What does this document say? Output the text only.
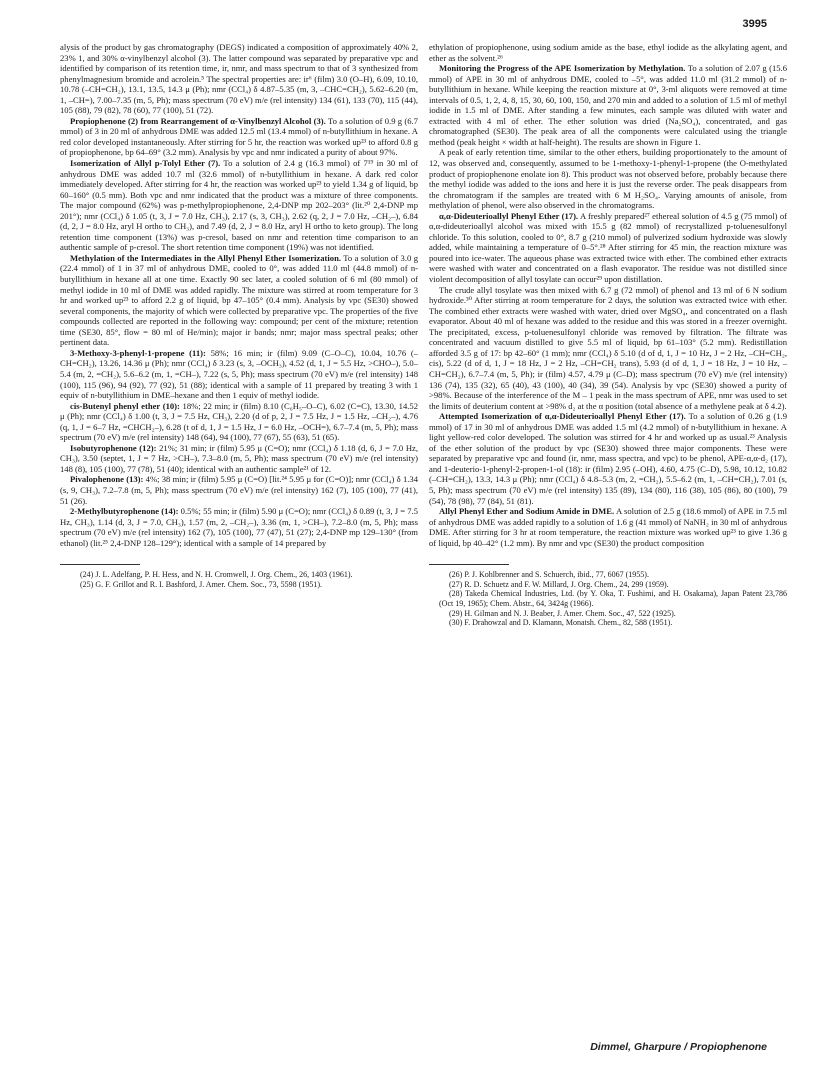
3995

alysis of the product by gas chromatography (DEGS) indicated a composition of approximately 40% 2, 23% 1, and 30% α-vinylbenzyl alcohol (3). The latter compound was separated by preparative vpc and identified by comparison of its retention time, ir, nmr, and mass spectrum to that of 3 synthesized from phenylmagnesium bromide and acrolein.⁵ The spectral properties are: ir⁶ (film) 3.0 (O–H), 6.09, 10.10, 10.78 (–CH=CH₂), 13.1, 13.5, 14.3 μ (Ph); nmr (CCl₄) δ 4.87–5.35 (m, 3, –CHC=CH₂), 5.62–6.20 (m, 1, –CH=), 7.00–7.35 (m, 5, Ph); mass spectrum (70 eV) m/e (rel intensity) 134 (61), 133 (70), 115 (44), 105 (88), 79 (82), 78 (60), 77 (100), 51 (72).

Propiophenone (2) from Rearrangement of α-Vinylbenzyl Alcohol (3). To a solution of 0.9 g (6.7 mmol) of 3 in 20 ml of anhydrous DME was added 12.5 ml (13.4 mmol) of n-butyllithium in hexane. A red color developed instantaneously. After stirring for 5 hr, the reaction was worked up²³ to afford 0.8 g of propiophenone, bp 64–69° (3.2 mm). Analysis by vpc and nmr indicated a purity of about 97%.

Isomerization of Allyl p-Tolyl Ether (7). To a solution of 2.4 g (16.3 mmol) of 7¹⁹ in 30 ml of anhydrous DME was added 10.7 ml (32.6 mmol) of n-butyllithium in hexane. A dark red color immediately developed. After stirring for 4 hr, the reaction was worked up²³ to yield 1.34 g of liquid, bp 60–160° (0.5 mm). Both vpc and nmr indicated that the product was a mixture of three components. The major compound (62%) was p-methylpropiophenone, 2,4-DNP mp 202–203° (lit.²⁰ 2,4-DNP mp 201°); nmr (CCl₄) δ 1.05 (t, 3, J = 7.0 Hz, CH₃), 2.17 (s, 3, CH₃), 2.62 (q, 2, J = 7.0 Hz, –CH₂–), 6.84 (d, 2, J = 8.0 Hz, aryl H ortho to CH₃), and 7.49 (d, 2, J = 8.0 Hz, aryl H ortho to keto group). The long retention time component (13%) was p-cresol, based on nmr and retention time comparison to an authentic sample of p-cresol. The short retention time component (19%) was not identified.

Methylation of the Intermediates in the Allyl Phenyl Ether Isomerization. To a solution of 3.0 g (22.4 mmol) of 1 in 37 ml of anhydrous DME, cooled to 0°, was added 11.0 ml (44.8 mmol) of n-butyllithium in hexane all at one time. Exactly 90 sec later, a cooled solution of 6 ml (80 mmol) of methyl iodide in 10 ml of DME was added rapidly. The mixture was stirred at room temperature for 3 hr and worked up²³ to afford 2.2 g of liquid, bp 47–105° (0.4 mm). Analysis by vpc (SE30) showed several components, the majority of which were collected by preparative vpc. The properties of the five compounds collected are reported in the following way: compound; per cent of the mixture; retention time (SE30, 85°, flow = 80 ml of He/min); major ir bands; nmr; major mass spectral peaks; other pertinent data.

3-Methoxy-3-phenyl-1-propene (11): 58%; 16 min; ir (film) 9.09 (C–O–C), 10.04, 10.76 (–CH=CH₂), 13.26, 14.36 μ (Ph); nmr (CCl₄) δ 3.23 (s, 3, –OCH₃), 4.52 (d, 1, J = 5.5 Hz, >CHO–), 5.0–5.4 (m, 2, =CH₂), 5.6–6.2 (m, 1, =CH–), 7.22 (s, 5, Ph); mass spectrum (70 eV) m/e (rel intensity) 148 (100), 115 (96), 94 (92), 77 (92), 51 (88); identical with a sample of 11 prepared by treating 3 with 1 equiv of n-butyllithium in DME–hexane and then 1 equiv of methyl iodide.

cis-Butenyl phenyl ether (10): 18%; 22 min; ir (film) 8.10 (C₆H₅–O–C), 6.02 (C=C), 13.30, 14.52 μ (Ph); nmr (CCl₄) δ 1.00 (t, 3, J = 7.5 Hz, CH₃), 2.20 (d of p, 2, J = 7.5 Hz, J = 1.5 Hz, –CH₂–), 4.76 (q, 1, J = 6–7 Hz, =CHCH₂–), 6.28 (t of d, 1, J = 1.5 Hz, J = 6.0 Hz, –OCH=), 6.7–7.4 (m, 5, Ph); mass spectrum (70 eV) m/e (rel intensity) 148 (64), 94 (100), 77 (67), 55 (63), 51 (65).

Isobutyrophenone (12): 21%; 31 min; ir (film) 5.95 μ (C=O); nmr (CCl₄) δ 1.18 (d, 6, J = 7.0 Hz, CH₃), 3.50 (septet, 1, J = 7 Hz, >CH–), 7.3–8.0 (m, 5, Ph); mass spectrum (70 eV) m/e (rel intensity) 148 (8), 105 (100), 77 (78), 51 (40); identical with an authentic sample²¹ of 12.

Pivalophenone (13): 4%; 38 min; ir (film) 5.95 μ (C=O) [lit.²⁴ 5.95 μ for (C=O)]; nmr (CCl₄) δ 1.34 (s, 9, CH₃), 7.2–7.8 (m, 5, Ph); mass spectrum (70 eV) m/e (rel intensity) 162 (7), 105 (100), 77 (41), 51 (26).

2-Methylbutyrophenone (14): 0.5%; 55 min; ir (film) 5.90 μ (C=O); nmr (CCl₄) δ 0.89 (t, 3, J = 7.5 Hz, CH₃), 1.14 (d, 3, J = 7.0, CH₃), 1.57 (m, 2, –CH₂–), 3.36 (m, 1, >CH–), 7.2–8.0 (m, 5, Ph); mass spectrum (70 eV) m/e (rel intensity) 162 (7), 105 (100), 77 (47), 51 (27); 2,4-DNP mp 129–130° (from ethanol) (lit.²⁵ 2,4-DNP 128–129°); identical with a sample of 14 prepared by

(24) J. L. Adelfang, P. H. Hess, and N. H. Cromwell, J. Org. Chem., 26, 1403 (1961).

(25) G. F. Grillot and R. I. Bashford, J. Amer. Chem. Soc., 73, 5598 (1951).

ethylation of propiophenone, using sodium amide as the base, ethyl iodide as the alkylating agent, and ether as the solvent.²⁶

Monitoring the Progress of the APE Isomerization by Methylation. To a solution of 2.07 g (15.6 mmol) of APE in 30 ml of anhydrous DME, cooled to –5°, was added 11.0 ml (31.2 mmol) of n-butyllithium in hexane. While keeping the reaction mixture at 0°, 3-ml aliquots were removed at time intervals of 0.5, 1, 2, 4, 8, 15, 30, 60, 100, 150, and 270 min and added to a solution of 1.5 ml of methyl iodide in 1.5 ml of DME. After standing a few minutes, each sample was diluted with water and extracted with 4 ml of ether. The ether solution was dried (Na₂SO₄), concentrated, and gas chromatographed (SE30). The peak area of all the components were calculated using the triangle method (peak height × width at half-height). The results are shown in Figure 1.

A peak of early retention time, similar to the other ethers, building proportionately to the amount of 12, was observed and, consequently, assumed to be 1-methoxy-1-phenyl-1-propene (the O-methylated product of propiophenone enolate ion 8). This product was not observed before, probably because there the methyl iodide was added to the ions and here it is just the reverse order. The peak disappears from the chromatogram if the samples are treated with 6 M H₂SO₄. Varying amounts of anisole, from methylation of phenol, were also observed in the chromatograms.

α,α-Dideuterioallyl Phenyl Ether (17). A freshly prepared²⁷ ethereal solution of 4.5 g (75 mmol) of α,α-dideuterioallyl alcohol was mixed with 15.5 g (82 mmol) of recrystallized p-toluenesulfonyl chloride. To this solution, cooled to 0°, 8.7 g (210 mmol) of pulverized sodium hydroxide was slowly added, while maintaining a temperature of 0–5°.²⁸ After stirring for 45 min, the reaction mixture was poured into ice-water. The aqueous phase was extracted twice with ether. The combined ether extracts were washed with water and concentrated on a flash evaporator. The residue was not distilled since violent decomposition of allyl tosylate can occur²⁹ upon distillation.

The crude allyl tosylate was then mixed with 6.7 g (72 mmol) of phenol and 13 ml of 6 N sodium hydroxide.³⁰ After stirring at room temperature for 2 days, the solution was extracted twice with ether. The combined ether extracts were washed with water, dried over MgSO₄, and concentrated on a flash evaporator. About 40 ml of hexane was added to the residue and this was stored in a freezer overnight. The precipitated, excess, p-toluenesulfonyl chloride was removed by filtration. The filtrate was concentrated and vacuum distilled to give 5.5 ml of liquid, bp 61–103° (5.2 mm). Redistillation afforded 3.5 g of 17: bp 42–60° (1 mm); nmr (CCl₄) δ 5.10 (d of d, 1, J = 10 Hz, J = 2 Hz, –CH=CH₂, cis), 5.22 (d of d, 1, J = 18 Hz, J = 2 Hz, –CH=CH₂ trans), 5.93 (d of d, 1, J = 18 Hz, J = 10 Hz, –CH=CH₂), 6.7–7.4 (m, 5, Ph); ir (film) 4.57, 4.79 μ (C–D); mass spectrum (70 eV) m/e (rel intensity) 136 (74), 135 (32), 65 (40), 43 (100), 40 (34), 39 (54). Analysis by vpc (SE30) showed a purity of >98%. Because of the interference of the M – 1 peak in the mass spectrum of APE, nmr was used to set the limits of deuterium content at >98% d₂ at the α position (total absence of a methylene peak at δ 4.2).

Attempted Isomerization of α,α-Dideuterioallyl Phenyl Ether (17). To a solution of 0.26 g (1.9 mmol) of 17 in 30 ml of anhydrous DME was added 1.5 ml (4.2 mmol) of n-butyllithium in hexane. A light yellow-red color developed. The solution was stirred for 4 hr and worked up as usual.²³ Analysis of the ether solution of the product by vpc (SE30) showed three major components. These were separated by preparative vpc and found (ir, nmr, mass spectra, and vpc) to be phenol, APE-α,α-d₂ (17), and 1-deuterio-1-phenyl-2-propen-1-ol (18): ir (film) 2.95 (–OH), 4.60, 4.75 (C–D), 5.98, 10.12, 10.82 (–CH=CH₂), 13.3, 14.3 μ (Ph); nmr (CCl₄) δ 4.8–5.3 (m, 2, =CH₂), 5.5–6.2 (m, 1, –CH=CH₂), 7.01 (s, 5, Ph); mass spectrum (70 eV) m/e (rel intensity) 135 (89), 134 (80), 116 (38), 105 (86), 80 (100), 79 (54), 78 (98), 77 (84), 51 (81).

Allyl Phenyl Ether and Sodium Amide in DME. A solution of 2.5 g (18.6 mmol) of APE in 7.5 ml of anhydrous DME was added rapidly to a solution of 1.6 g (41 mmol) of NaNH₂ in 30 ml of anhydrous DME. After stirring for 3 hr at room temperature, the reaction mixture was worked up²³ to give 1.36 g of liquid, bp 40–42° (1.2 mm). By nmr and vpc (SE30) the product composition

(26) P. J. Kohlbrenner and S. Schuerch, ibid., 77, 6067 (1955).

(27) R. D. Schuetz and F. W. Millard, J. Org. Chem., 24, 299 (1959).

(28) Takeda Chemical Industries, Ltd. (by Y. Oka, T. Fushimi, and H. Osakama), Japan Patent 23,786 (Oct 19, 1965); Chem. Abstr., 64, 3424g (1966).

(29) H. Gilman and N. J. Beaber, J. Amer. Chem. Soc., 47, 522 (1925).

(30) F. Drahowzal and D. Klamann, Monatsh. Chem., 82, 588 (1951).

Dimmel, Gharpure / Propiophenone
